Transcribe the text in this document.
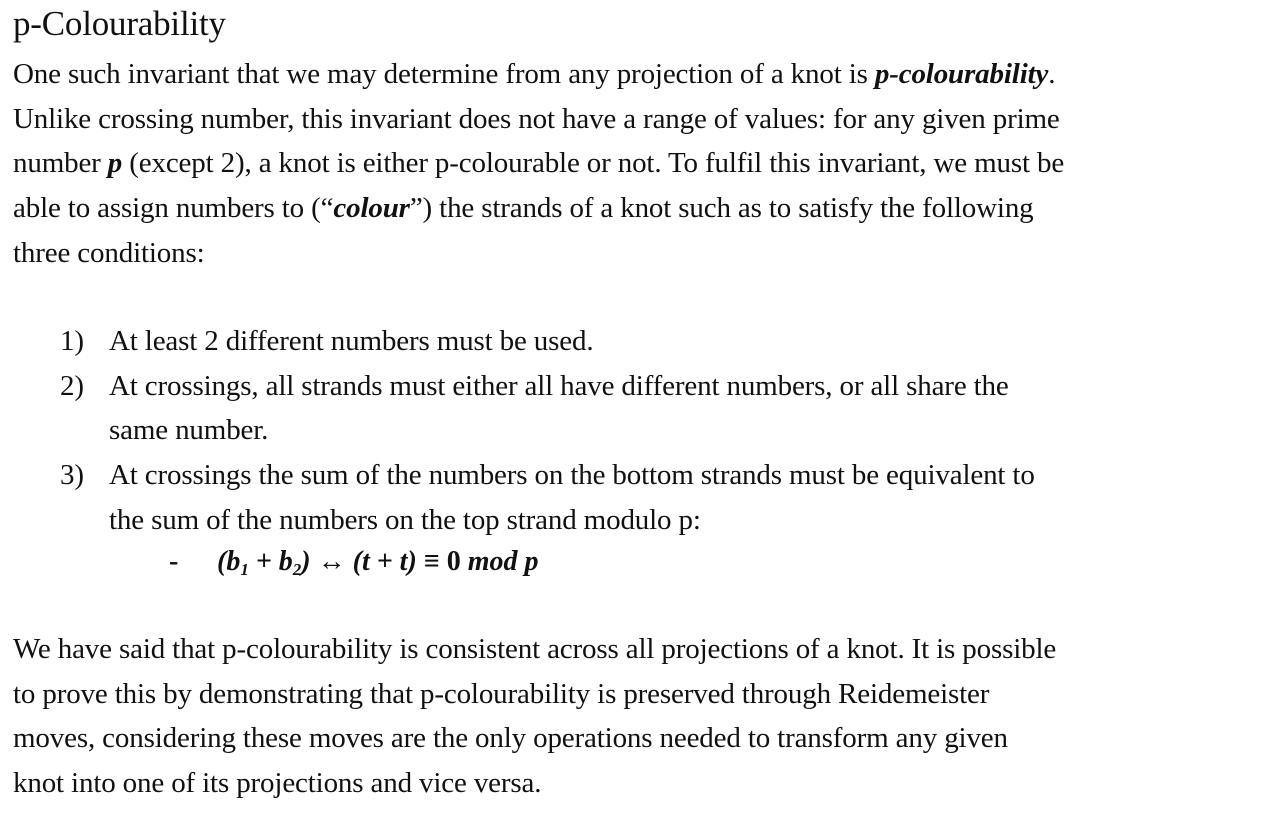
p-Colourability

One such invariant that we may determine from any projection of a knot is p-colourability.
Unlike crossing number, this invariant does not have a range of values: for any given prime
number p (except 2), a knot is either p-colourable or not. To fulfil this invariant, we must be
able to assign numbers to (“colour”) the strands of a knot such as to satisfy the following
three conditions:

1) At least 2 different numbers must be used.
2) At crossings, all strands must either all have different numbers, or all share the
same number.
3) At crossings the sum of the numbers on the bottom strands must be equivalent to
the sum of the numbers on the top strand modulo p:
- $(b_1 + b_2)$ ↔ (t + t) ≡ 0 mod p

We have said that p-colourability is consistent across all projections of a knot. It is possible
to prove this by demonstrating that p-colourability is preserved through Reidemeister
moves, considering these moves are the only operations needed to transform any given
knot into one of its projections and vice versa.
